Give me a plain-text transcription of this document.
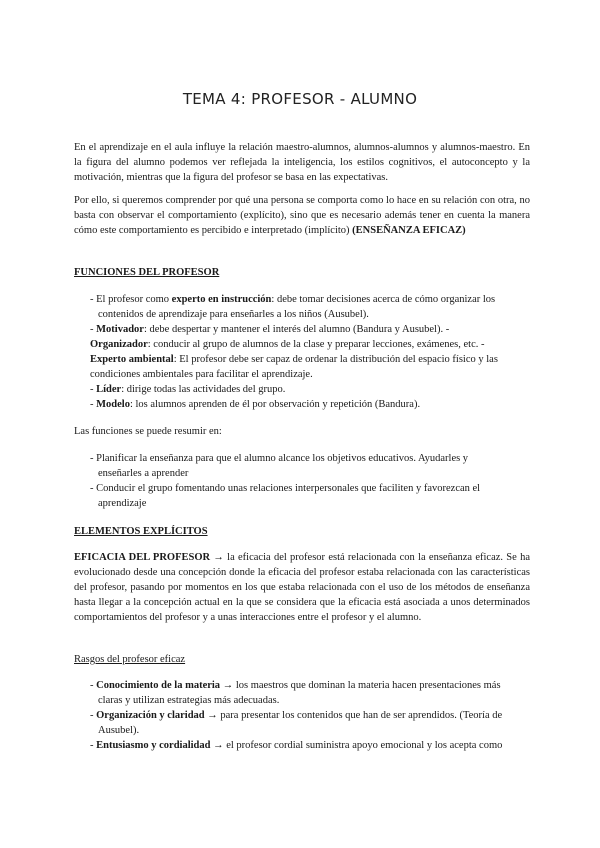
TEMA 4: PROFESOR - ALUMNO
En el aprendizaje en el aula influye la relación maestro-alumnos, alumnos-alumnos y alumnos-maestro. En la figura del alumno podemos ver reflejada la inteligencia, los estilos cognitivos, el autoconcepto y la motivación, mientras que la figura del profesor se basa en las expectativas.
Por ello, si queremos comprender por qué una persona se comporta como lo hace en su relación con otra, no basta con observar el comportamiento (explícito), sino que es necesario además tener en cuenta la manera cómo este comportamiento es percibido e interpretado (implícito) (ENSEÑANZA EFICAZ)
FUNCIONES DEL PROFESOR
- El profesor como experto en instrucción: debe tomar decisiones acerca de cómo organizar los
contenidos de aprendizaje para enseñarles a los niños (Ausubel).
- Motivador: debe despertar y mantener el interés del alumno (Bandura y Ausubel). -
Organizador: conducir al grupo de alumnos de la clase y preparar lecciones, exámenes, etc. -
Experto ambiental: El profesor debe ser capaz de ordenar la distribución del espacio físico y las
condiciones ambientales para facilitar el aprendizaje.
- Líder: dirige todas las actividades del grupo.
- Modelo: los alumnos aprenden de él por observación y repetición (Bandura).
Las funciones se puede resumir en:
- Planificar la enseñanza para que el alumno alcance los objetivos educativos. Ayudarles y
enseñarles a aprender
- Conducir el grupo fomentando unas relaciones interpersonales que faciliten y favorezcan el
aprendizaje
ELEMENTOS EXPLÍCITOS
EFICACIA DEL PROFESOR → la eficacia del profesor está relacionada con la enseñanza eficaz. Se ha evolucionado desde una concepción donde la eficacia del profesor estaba relacionada con las características del profesor, pasando por momentos en los que estaba relacionada con el uso de los métodos de enseñanza hasta llegar a la concepción actual en la que se considera que la eficacia está asociada a unos determinados comportamientos del profesor y a unas interacciones entre el profesor y el alumno.
Rasgos del profesor eficaz
- Conocimiento de la materia → los maestros que dominan la materia hacen presentaciones más
claras y utilizan estrategias más adecuadas.
- Organización y claridad → para presentar los contenidos que han de ser aprendidos. (Teoría de
Ausubel).
- Entusiasmo y cordialidad → el profesor cordial suministra apoyo emocional y los acepta como
